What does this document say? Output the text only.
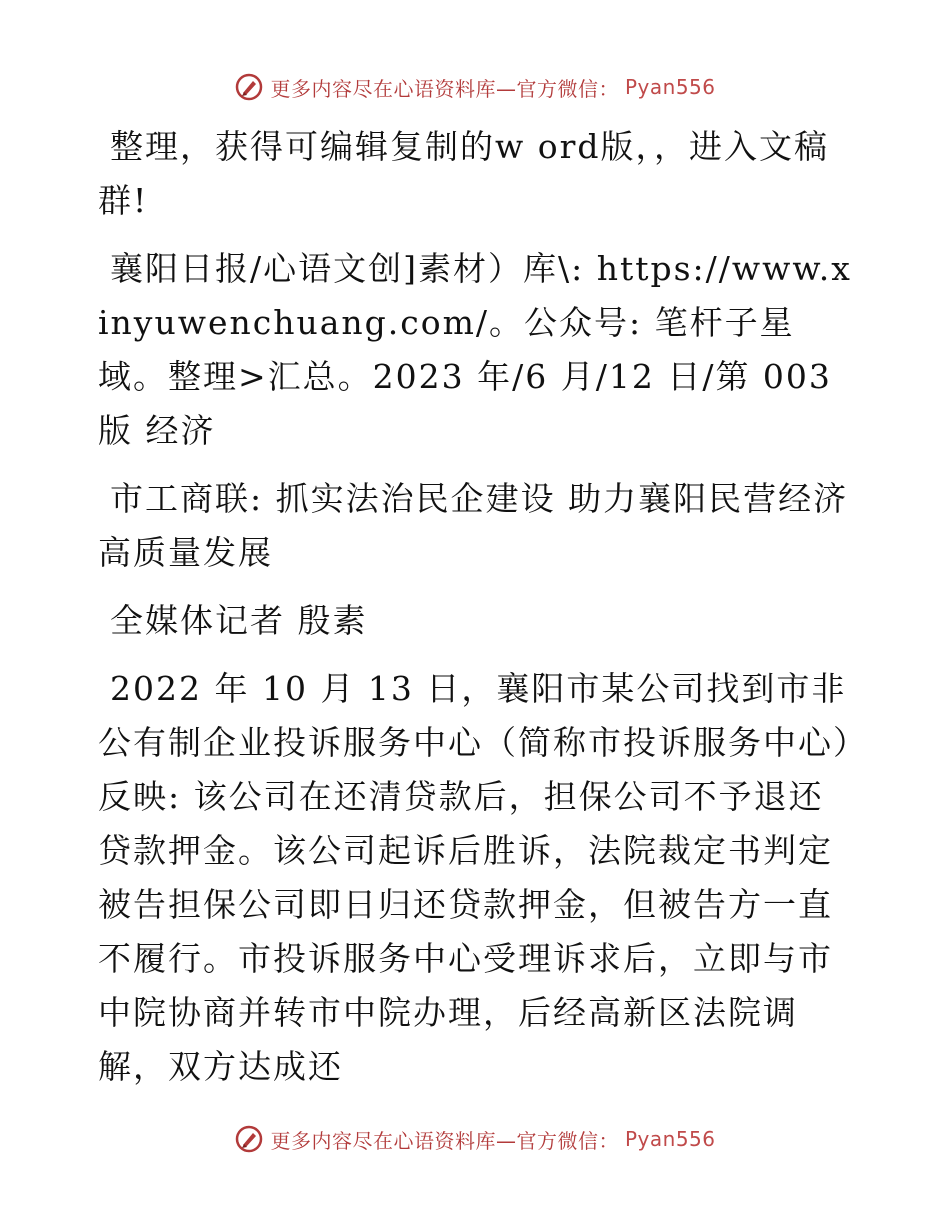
更多内容尽在心语资料库—官方微信： Pyan556

整理，获得可编辑复制的w ord版，，进入文稿群!

襄阳日报/心语文创]素材）库\: https://www.xinyuwenchuang.com/。公众号: 笔杆子星域。整理>汇总。2023 年/6 月/12 日/第 003 版 经济

市工商联: 抓实法治民企建设 助力襄阳民营经济高质量发展

全媒体记者 殷素

2022 年 10 月 13 日，襄阳市某公司找到市非公有制企业投诉服务中心（简称市投诉服务中心）反映: 该公司在还清贷款后，担保公司不予退还贷款押金。该公司起诉后胜诉，法院裁定书判定被告担保公司即日归还贷款押金，但被告方一直不履行。市投诉服务中心受理诉求后，立即与市中院协商并转市中院办理，后经高新区法院调解，双方达成还

更多内容尽在心语资料库—官方微信： Pyan556
